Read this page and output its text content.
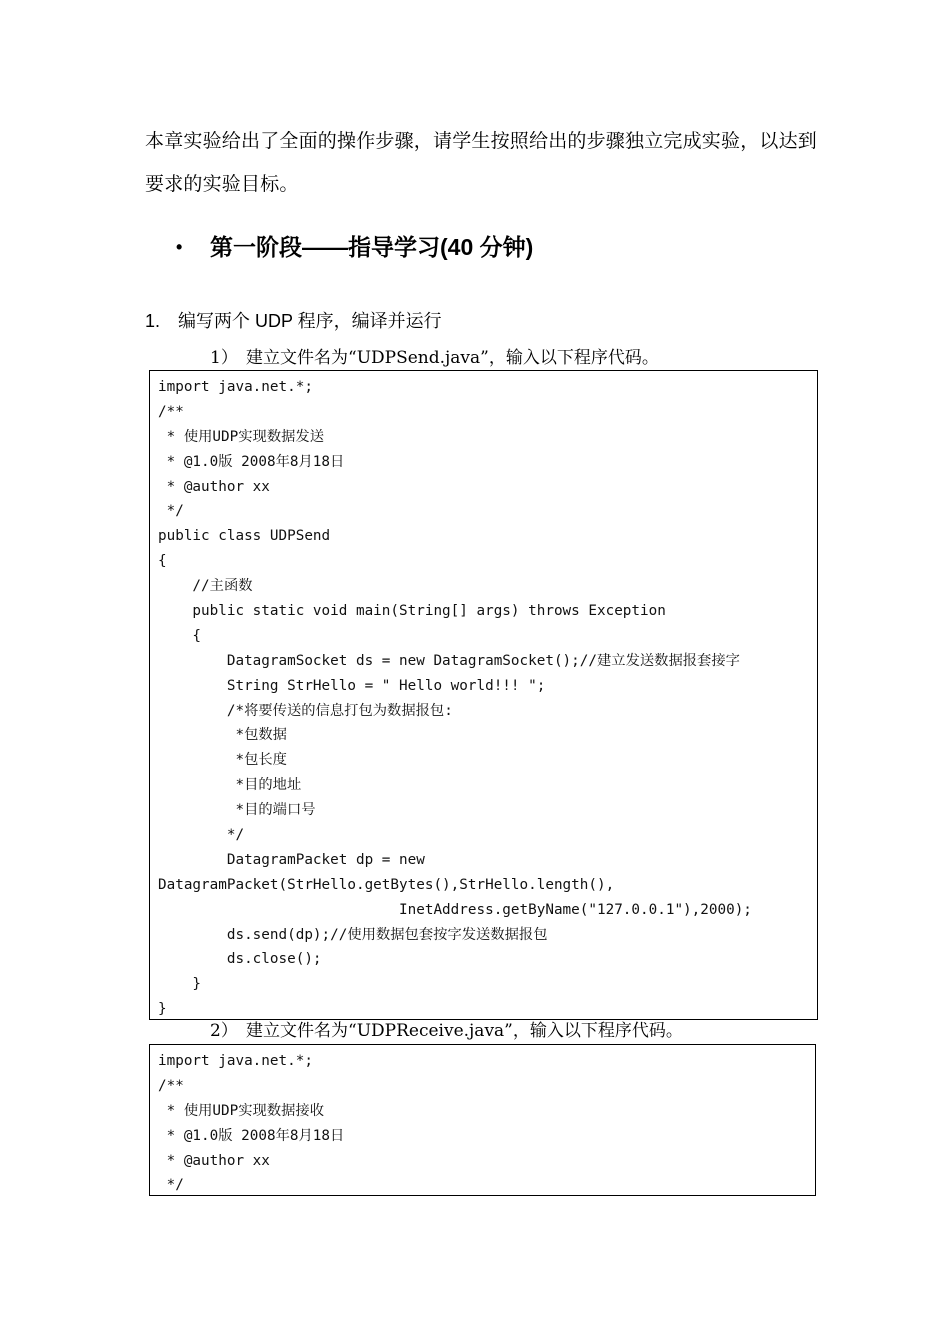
本章实验给出了全面的操作步骤，请学生按照给出的步骤独立完成实验，以达到
要求的实验目标。
• 第一阶段——指导学习(40 分钟)
1. 编写两个 UDP 程序，编译并运行
1） 建立文件名为“UDPSend.java”，输入以下程序代码。
import java.net.*;
/**
* 使用UDP实现数据发送
* @1.0版 2008年8月18日
* @author xx
*/
public class UDPSend
{
//主函数
public static void main(String[] args) throws Exception
{
DatagramSocket ds = new DatagramSocket();//建立发送数据报套接字
String StrHello = " Hello world!!! ";
/*将要传送的信息打包为数据报包:
*包数据
*包长度
*目的地址
*目的端口号
*/
DatagramPacket dp = new
DatagramPacket(StrHello.getBytes(),StrHello.length(),
InetAddress.getByName("127.0.0.1"),2000);
ds.send(dp);//使用数据包套按字发送数据报包
ds.close();
}
}
2） 建立文件名为“UDPReceive.java”，输入以下程序代码。
import java.net.*;
/**
* 使用UDP实现数据接收
* @1.0版 2008年8月18日
* @author xx
*/
